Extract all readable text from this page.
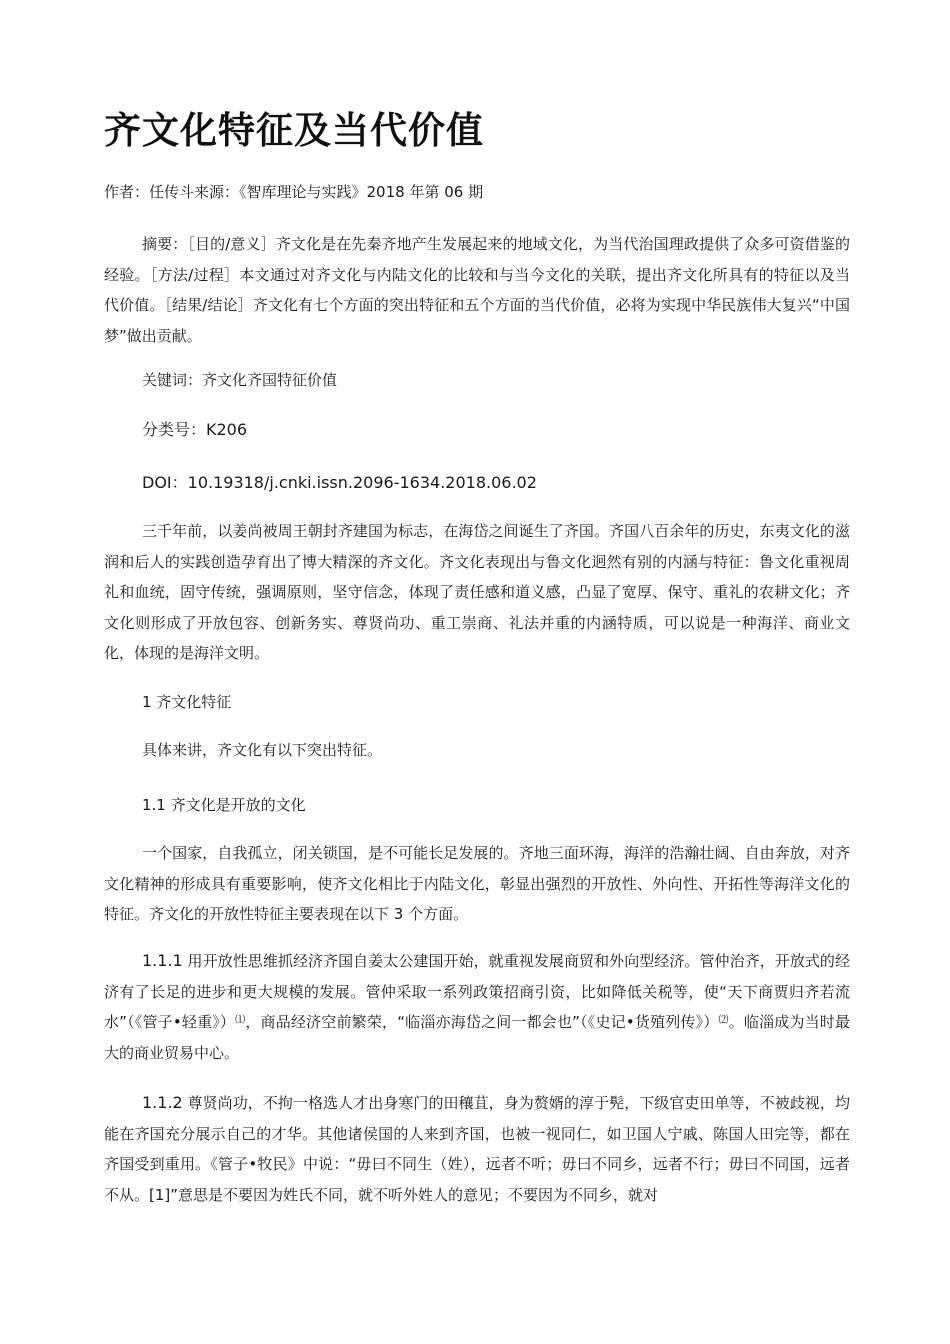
齐文化特征及当代价值
作者：任传斗来源：《智库理论与实践》2018 年第 06 期

摘要：［目的/意义］齐文化是在先秦齐地产生发展起来的地域文化，为当代治国理政提供了众多可资借鉴的经验。［方法/过程］本文通过对齐文化与内陆文化的比较和与当今文化的关联，提出齐文化所具有的特征以及当代价值。［结果/结论］齐文化有七个方面的突出特征和五个方面的当代价值，必将为实现中华民族伟大复兴“中国梦”做出贡献。

关键词：齐文化齐国特征价值

分类号：K206

DOI：10.19318/j.cnki.issn.2096-1634.2018.06.02

三千年前，以姜尚被周王朝封齐建国为标志，在海岱之间诞生了齐国。齐国八百余年的历史，东夷文化的滋润和后人的实践创造孕育出了博大精深的齐文化。齐文化表现出与鲁文化迥然有别的内涵与特征：鲁文化重视周礼和血统，固守传统，强调原则，坚守信念，体现了责任感和道义感，凸显了宽厚、保守、重礼的农耕文化；齐文化则形成了开放包容、创新务实、尊贤尚功、重工崇商、礼法并重的内涵特质，可以说是一种海洋、商业文化，体现的是海洋文明。

1 齐文化特征

具体来讲，齐文化有以下突出特征。

1.1 齐文化是开放的文化

一个国家，自我孤立，闭关锁国，是不可能长足发展的。齐地三面环海，海洋的浩瀚壮阔、自由奔放，对齐文化精神的形成具有重要影响，使齐文化相比于内陆文化，彰显出强烈的开放性、外向性、开拓性等海洋文化的特征。齐文化的开放性特征主要表现在以下 3 个方面。

1.1.1 用开放性思维抓经济齐国自姜太公建国开始，就重视发展商贸和外向型经济。管仲治齐，开放式的经济有了长足的进步和更大规模的发展。管仲采取一系列政策招商引资，比如降低关税等，使“天下商贾归齐若流水”（《管子•轻重》）⑴，商品经济空前繁荣，“临淄亦海岱之间一都会也”（《史记•货殖列传》）⑵。临淄成为当时最大的商业贸易中心。

1.1.2 尊贤尚功，不拘一格选人才出身寒门的田穰苴，身为赘婿的淳于髡，下级官吏田单等，不被歧视，均能在齐国充分展示自己的才华。其他诸侯国的人来到齐国，也被一视同仁，如卫国人宁戚、陈国人田完等，都在齐国受到重用。《管子•牧民》中说：“毋曰不同生（姓），远者不听；毋曰不同乡，远者不行；毋曰不同国，远者不从。[1]”意思是不要因为姓氏不同，就不听外姓人的意见；不要因为不同乡，就对
